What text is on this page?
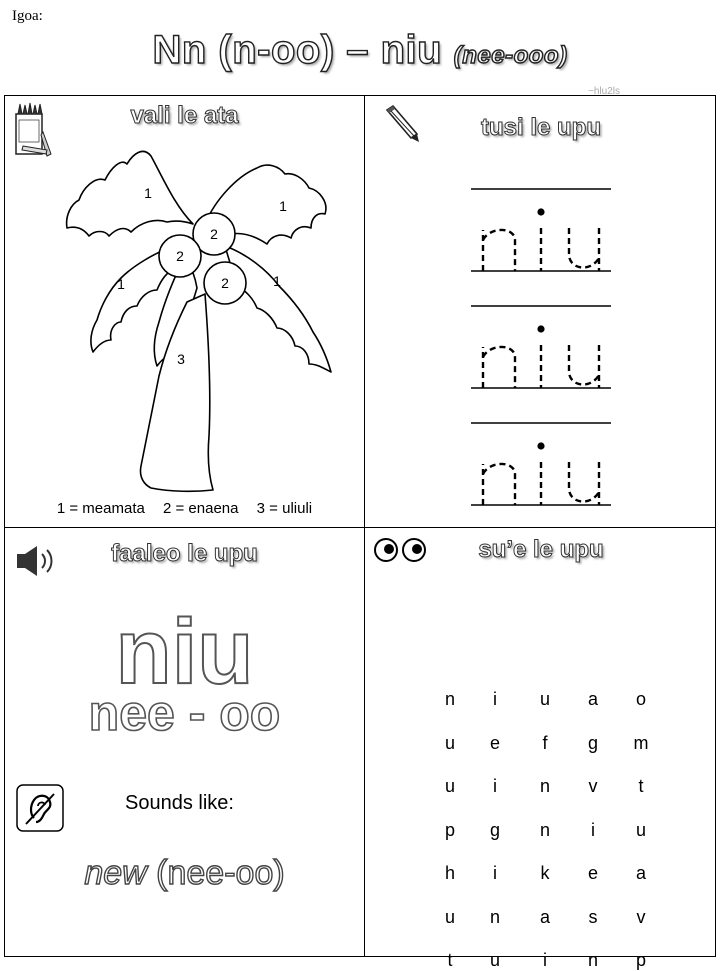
Igoa:
Nn (n-oo) – niu (nee-ooo)
~hlu2ls
vali le ata
1
1
1	1
2
2
2
3
1 = meamata 2 = enaena 3 = uliuli
tusi le upu
faaleo le upu
niu
nee - oo
Sounds like:
new (nee-oo)
su’e le upu
n	i	u	a	o
u	e	f	g	m
u	i	n	v	t
p	g	n	i	u
h	i	k	e	a
u	n	a	s	v
t	u	i	n	p
